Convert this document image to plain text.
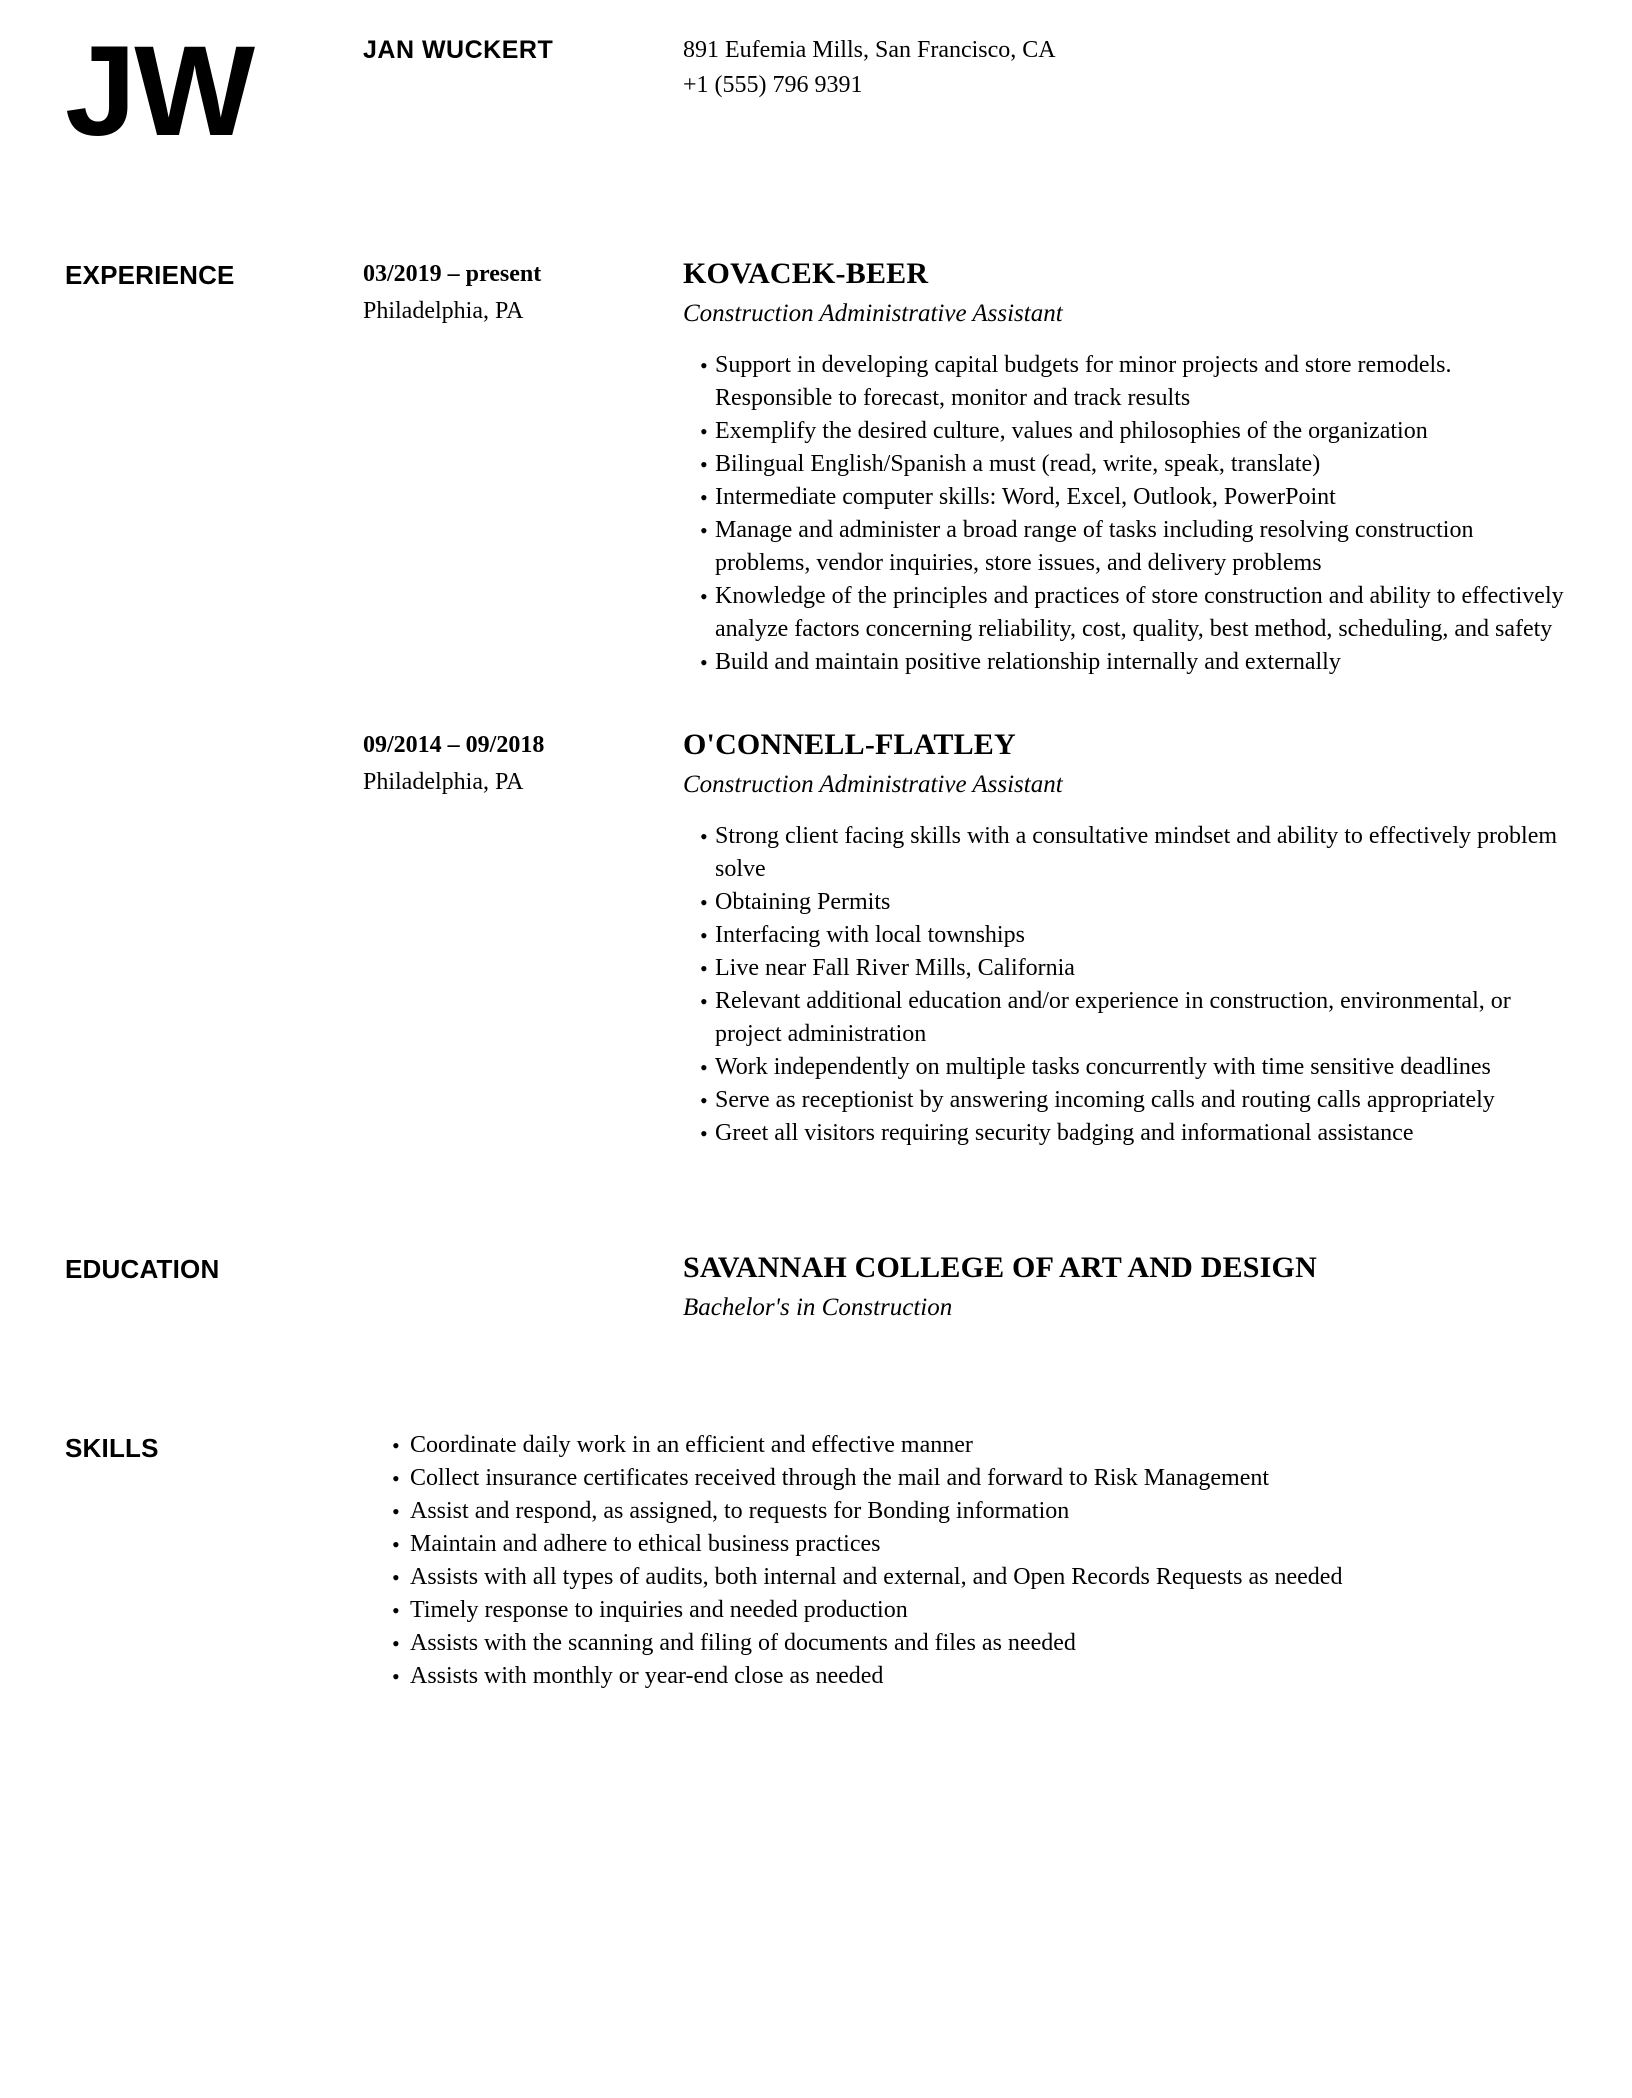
JW	JAN WUCKERT	891 Eufemia Mills, San Francisco, CA
+1 (555) 796 9391
EXPERIENCE	03/2019 – present
Philadelphia, PA
KOVACEK-BEER
Construction Administrative Assistant
• Support in developing capital budgets for minor projects and store remodels. Responsible to forecast, monitor and track results
• Exemplify the desired culture, values and philosophies of the organization
• Bilingual English/Spanish a must (read, write, speak, translate)
• Intermediate computer skills: Word, Excel, Outlook, PowerPoint
• Manage and administer a broad range of tasks including resolving construction problems, vendor inquiries, store issues, and delivery problems
• Knowledge of the principles and practices of store construction and ability to effectively analyze factors concerning reliability, cost, quality, best method, scheduling, and safety
• Build and maintain positive relationship internally and externally
09/2014 – 09/2018
Philadelphia, PA
O'CONNELL-FLATLEY
Construction Administrative Assistant
• Strong client facing skills with a consultative mindset and ability to effectively problem solve
• Obtaining Permits
• Interfacing with local townships
• Live near Fall River Mills, California
• Relevant additional education and/or experience in construction, environmental, or project administration
• Work independently on multiple tasks concurrently with time sensitive deadlines
• Serve as receptionist by answering incoming calls and routing calls appropriately
• Greet all visitors requiring security badging and informational assistance
EDUCATION	SAVANNAH COLLEGE OF ART AND DESIGN
Bachelor's in Construction
SKILLS	• Coordinate daily work in an efficient and effective manner
• Collect insurance certificates received through the mail and forward to Risk Management
• Assist and respond, as assigned, to requests for Bonding information
• Maintain and adhere to ethical business practices
• Assists with all types of audits, both internal and external, and Open Records Requests as needed
• Timely response to inquiries and needed production
• Assists with the scanning and filing of documents and files as needed
• Assists with monthly or year-end close as needed
